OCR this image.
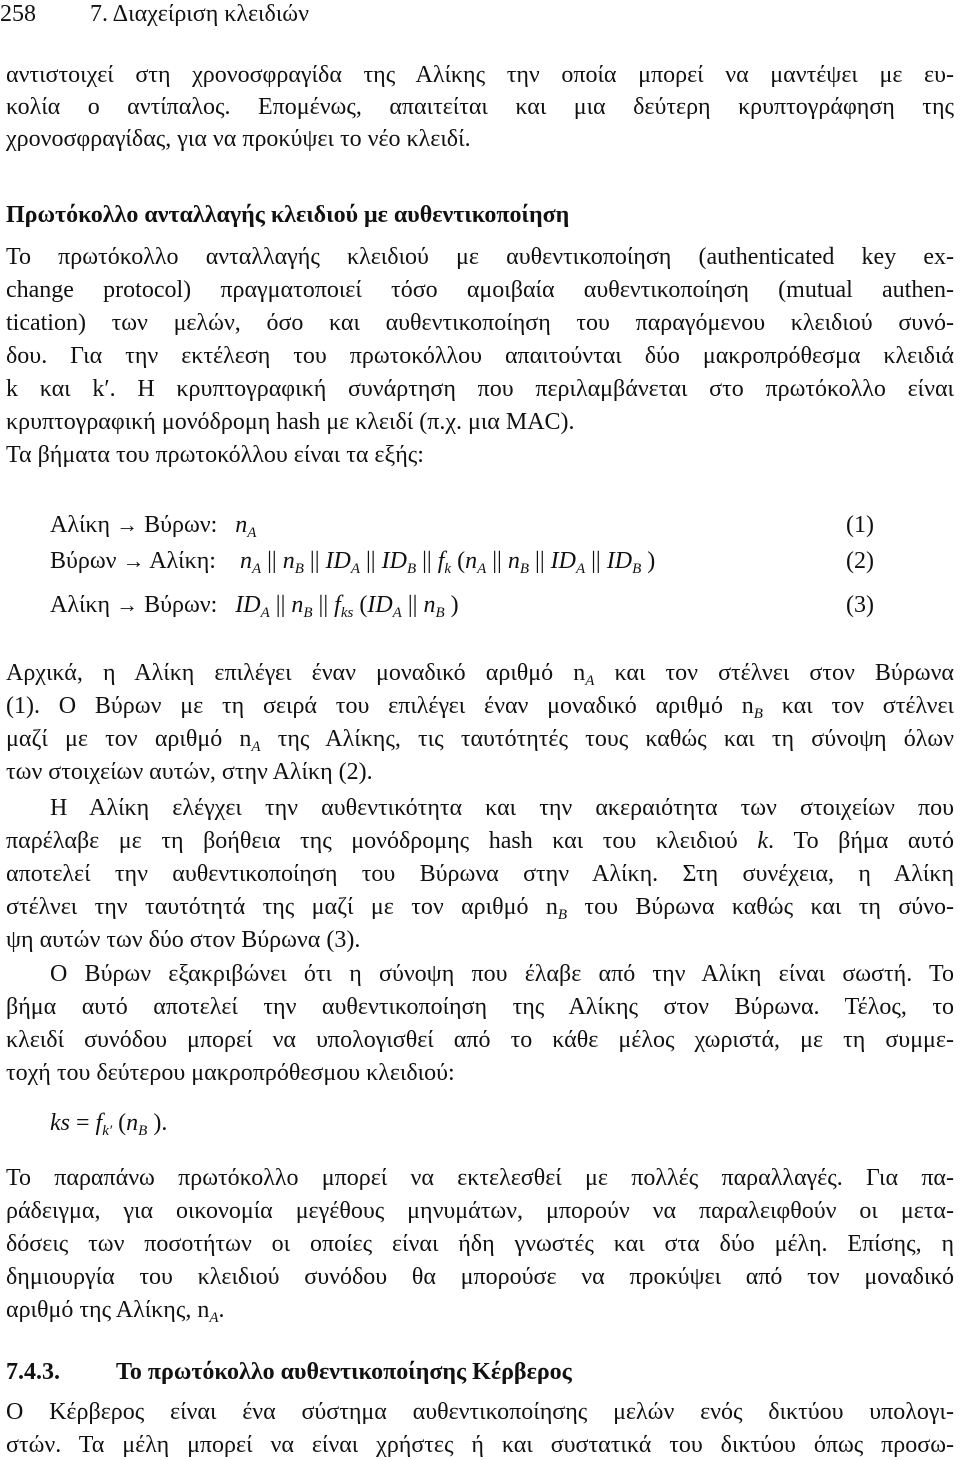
258 7. Διαχείριση κλειδιών
αντιστοιχεί στη χρονοσφραγίδα της Αλίκης την οποία μπορεί να μαντέψει με ευ-
κολία ο αντίπαλος. Επομένως, απαιτείται και μια δεύτερη κρυπτογράφηση της
χρονοσφραγίδας, για να προκύψει το νέο κλειδί.
Πρωτόκολλο ανταλλαγής κλειδιού με αυθεντικοποίηση
Το πρωτόκολλο ανταλλαγής κλειδιού με αυθεντικοποίηση (authenticated key ex-
change protocol) πραγματοποιεί τόσο αμοιβαία αυθεντικοποίηση (mutual authen-
tication) των μελών, όσο και αυθεντικοποίηση του παραγόμενου κλειδιού συνό-
δου. Για την εκτέλεση του πρωτοκόλλου απαιτούνται δύο μακροπρόθεσμα κλειδιά
k και k′. Η κρυπτογραφική συνάρτηση που περιλαμβάνεται στο πρωτόκολλο είναι
κρυπτογραφική μονόδρομη hash με κλειδί (π.χ. μια MAC).
Τα βήματα του πρωτοκόλλου είναι τα εξής:
Αλίκη → Βύρων:   $n_A$	(1)
Βύρων → Αλίκη:    $n_A$ || $n_B$ || $ID_A$ || $ID_B$ || $f_k$ ($n_A$ || $n_B$ || $ID_A$ || $ID_B$ )	(2)
Αλίκη → Βύρων:   $ID_A$ || $n_B$ || $f_{ks}$ ($ID_A$ || $n_B$ )	(3)
Αρχικά, η Αλίκη επιλέγει έναν μοναδικό αριθμό $n_A$ και τον στέλνει στον Βύρωνα
(1). Ο Βύρων με τη σειρά του επιλέγει έναν μοναδικό αριθμό $n_B$ και τον στέλνει
μαζί με τον αριθμό $n_A$ της Αλίκης, τις ταυτότητές τους καθώς και τη σύνοψη όλων
των στοιχείων αυτών, στην Αλίκη (2).
Η Αλίκη ελέγχει την αυθεντικότητα και την ακεραιότητα των στοιχείων που
παρέλαβε με τη βοήθεια της μονόδρομης hash και του κλειδιού k. Το βήμα αυτό
αποτελεί την αυθεντικοποίηση του Βύρωνα στην Αλίκη. Στη συνέχεια, η Αλίκη
στέλνει την ταυτότητά της μαζί με τον αριθμό $n_B$ του Βύρωνα καθώς και τη σύνο-
ψη αυτών των δύο στον Βύρωνα (3).
Ο Βύρων εξακριβώνει ότι η σύνοψη που έλαβε από την Αλίκη είναι σωστή. Το
βήμα αυτό αποτελεί την αυθεντικοποίηση της Αλίκης στον Βύρωνα. Τέλος, το
κλειδί συνόδου μπορεί να υπολογισθεί από το κάθε μέλος χωριστά, με τη συμμε-
τοχή του δεύτερου μακροπρόθεσμου κλειδιού:
ks = $f_{k'}$ ($n_B$ ).
Το παραπάνω πρωτόκολλο μπορεί να εκτελεσθεί με πολλές παραλλαγές. Για πα-
ράδειγμα, για οικονομία μεγέθους μηνυμάτων, μπορούν να παραλειφθούν οι μετα-
δόσεις των ποσοτήτων οι οποίες είναι ήδη γνωστές και στα δύο μέλη. Επίσης, η
δημιουργία του κλειδιού συνόδου θα μπορούσε να προκύψει από τον μοναδικό
αριθμό της Αλίκης, $n_A$.
7.4.3. Το πρωτόκολλο αυθεντικοποίησης Κέρβερος
Ο Κέρβερος είναι ένα σύστημα αυθεντικοποίησης μελών ενός δικτύου υπολογι-
στών. Τα μέλη μπορεί να είναι χρήστες ή και συστατικά του δικτύου όπως προσω-
